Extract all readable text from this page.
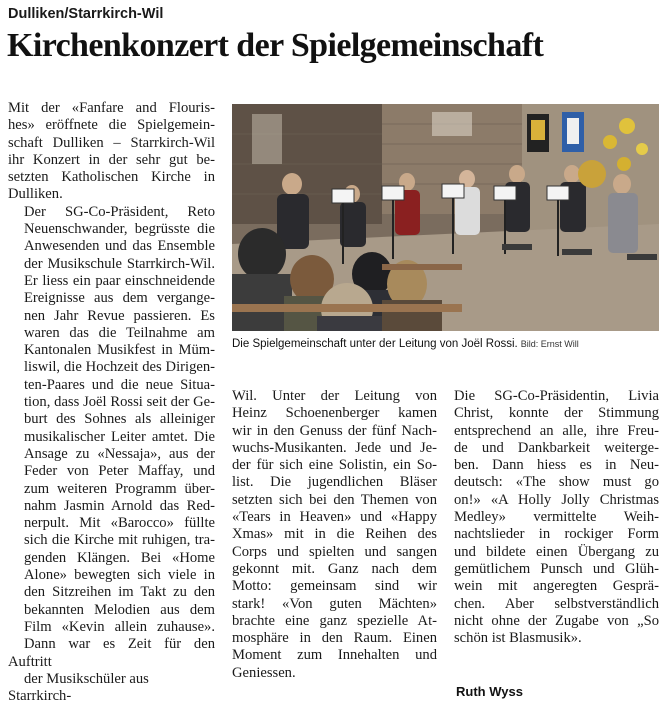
Dulliken/Starrkirch-Wil
Kirchenkonzert der Spielgemeinschaft

Mit der «Fanfare and Flouris-
hes» eröffnete die Spielgemein-
schaft Dulliken – Starrkirch-Wil
ihr Konzert in der sehr gut be-
setzten Katholischen Kirche in
Dulliken.

Der SG-Co-Präsident, Reto
Neuenschwander, begrüsste die
Anwesenden und das Ensemble
der Musikschule Starrkirch-Wil.
Er liess ein paar einschneidende
Ereignisse aus dem vergange-
nen Jahr Revue passieren. Es
waren das die Teilnahme am
Kantonalen Musikfest in Müm-
liswil, die Hochzeit des Dirigen-
ten-Paares und die neue Situa-
tion, dass Joël Rossi seit der Ge-
burt des Sohnes als alleiniger
musikalischer Leiter amtet. Die
Ansage zu «Nessaja», aus der
Feder von Peter Maffay, und
zum weiteren Programm über-
nahm Jasmin Arnold das Red-
nerpult. Mit «Barocco» füllte
sich die Kirche mit ruhigen, tra-
genden Klängen. Bei «Home
Alone» bewegten sich viele in
den Sitzreihen im Takt zu den
bekannten Melodien aus dem
Film «Kevin allein zuhause».
Dann war es Zeit für den Auftritt
der Musikschüler aus Starrkirch-

Die Spielgemeinschaft unter der Leitung von Joël Rossi. Bild: Ernst Will

Wil. Unter der Leitung von
Heinz Schoenenberger kamen
wir in den Genuss der fünf Nach-
wuchs-Musikanten. Jede und Je-
der für sich eine Solistin, ein So-
list. Die jugendlichen Bläser
setzten sich bei den Themen von
«Tears in Heaven» und «Happy
Xmas» mit in die Reihen des
Corps und spielten und sangen
gekonnt mit. Ganz nach dem
Motto: gemeinsam sind wir
stark! «Von guten Mächten»
brachte eine ganz spezielle At-
mosphäre in den Raum. Einen
Moment zum Innehalten und
Geniessen.

Die SG-Co-Präsidentin, Livia
Christ, konnte der Stimmung
entsprechend an alle, ihre Freu-
de und Dankbarkeit weiterge-
ben. Dann hiess es in Neu-
deutsch: «The show must go
on!» «A Holly Jolly Christmas
Medley» vermittelte Weih-
nachtslieder in rockiger Form
und bildete einen Übergang zu
gemütlichem Punsch und Glüh-
wein mit angeregten Gesprä-
chen. Aber selbstverständlich
nicht ohne der Zugabe von „So
schön ist Blasmusik».

Ruth Wyss
